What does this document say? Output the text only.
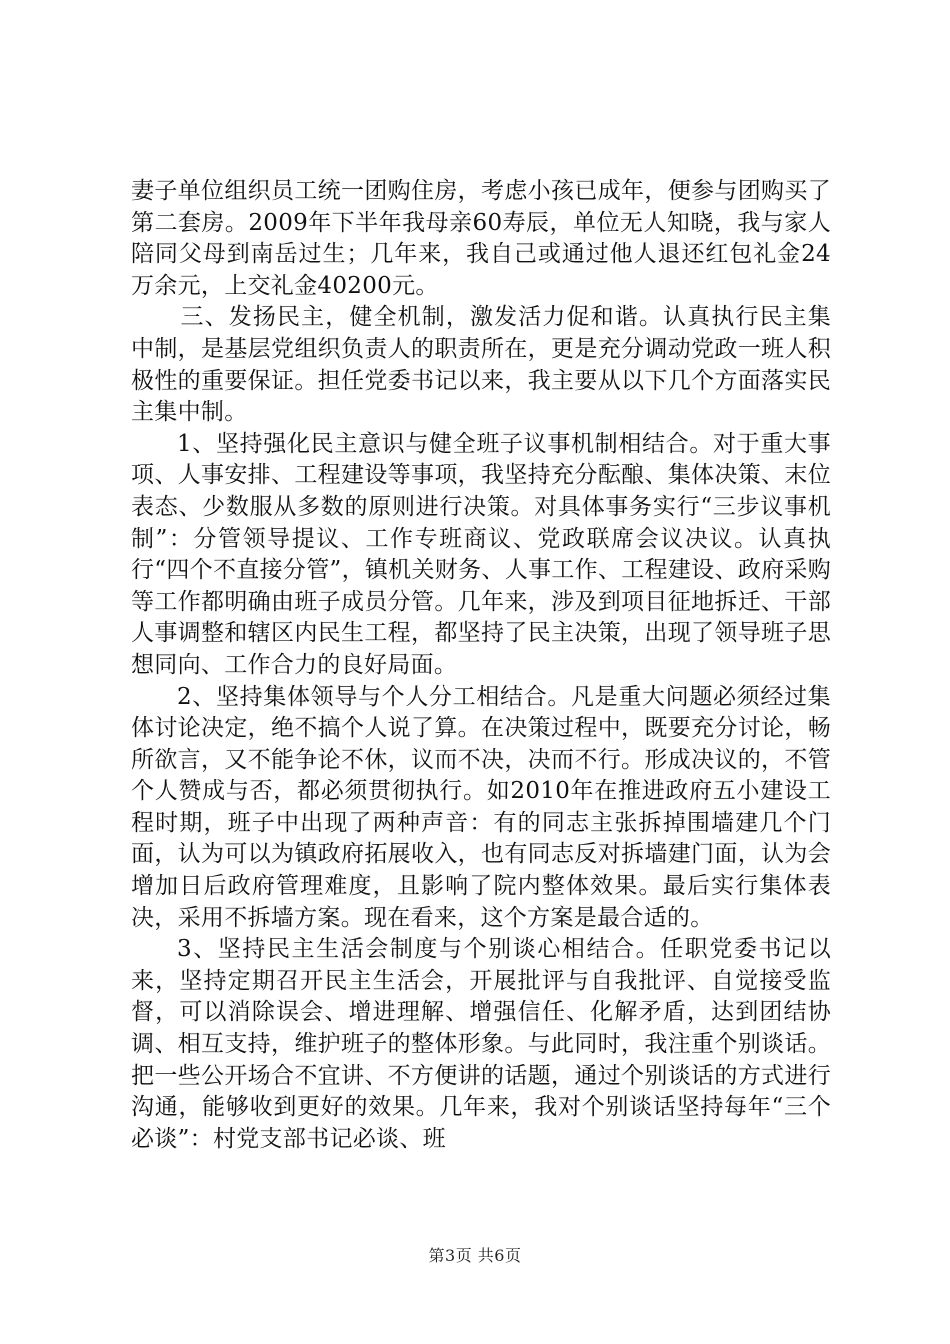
妻子单位组织员工统一团购住房，考虑小孩已成年，便参与团购买了第二套房。2009年下半年我母亲60寿辰，单位无人知晓，我与家人陪同父母到南岳过生；几年来，我自己或通过他人退还红包礼金24万余元，上交礼金40200元。

三、发扬民主，健全机制，激发活力促和谐。认真执行民主集中制，是基层党组织负责人的职责所在，更是充分调动党政一班人积极性的重要保证。担任党委书记以来，我主要从以下几个方面落实民主集中制。

1、坚持强化民主意识与健全班子议事机制相结合。对于重大事项、人事安排、工程建设等事项，我坚持充分酝酿、集体决策、末位表态、少数服从多数的原则进行决策。对具体事务实行“三步议事机制”：分管领导提议、工作专班商议、党政联席会议决议。认真执行“四个不直接分管”，镇机关财务、人事工作、工程建设、政府采购等工作都明确由班子成员分管。几年来，涉及到项目征地拆迁、干部人事调整和辖区内民生工程，都坚持了民主决策，出现了领导班子思想同向、工作合力的良好局面。

2、坚持集体领导与个人分工相结合。凡是重大问题必须经过集体讨论决定，绝不搞个人说了算。在决策过程中，既要充分讨论，畅所欲言，又不能争论不休，议而不决，决而不行。形成决议的，不管个人赞成与否，都必须贯彻执行。如2010年在推进政府五小建设工程时期，班子中出现了两种声音：有的同志主张拆掉围墙建几个门面，认为可以为镇政府拓展收入，也有同志反对拆墙建门面，认为会增加日后政府管理难度，且影响了院内整体效果。最后实行集体表决，采用不拆墙方案。现在看来，这个方案是最合适的。

3、坚持民主生活会制度与个别谈心相结合。任职党委书记以来，坚持定期召开民主生活会，开展批评与自我批评、自觉接受监督，可以消除误会、增进理解、增强信任、化解矛盾，达到团结协调、相互支持，维护班子的整体形象。与此同时，我注重个别谈话。把一些公开场合不宜讲、不方便讲的话题，通过个别谈话的方式进行沟通，能够收到更好的效果。几年来，我对个别谈话坚持每年“三个必谈”：村党支部书记必谈、班

第3页 共6页
